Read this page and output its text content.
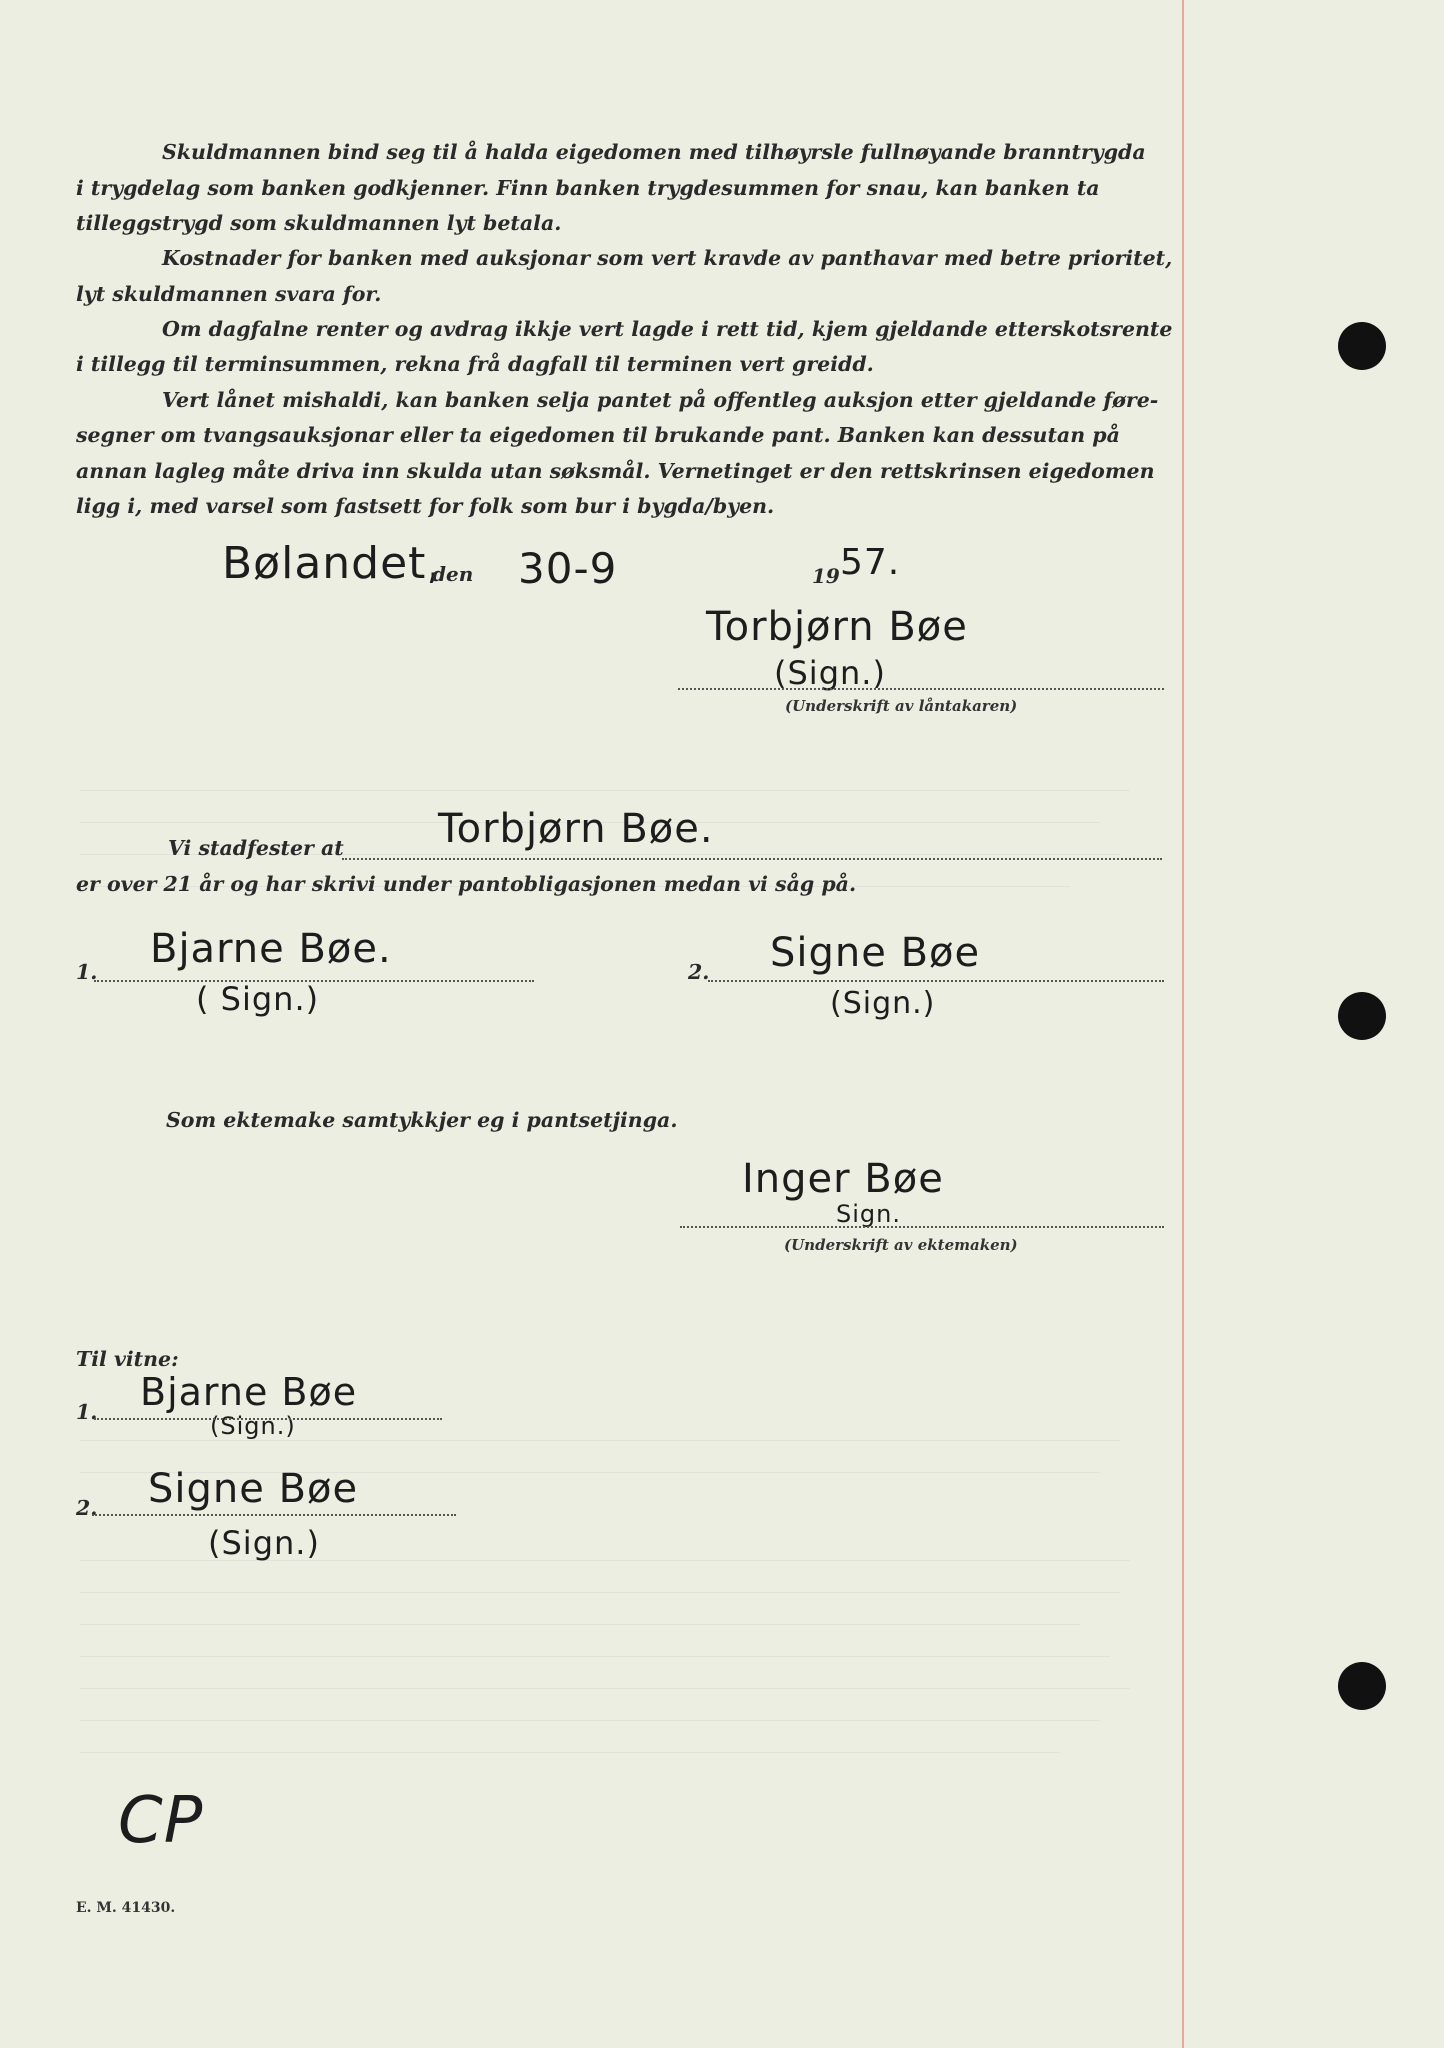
Skuldmannen bind seg til å halda eigedomen med tilhøyrsle fullnøyande branntrygda
i trygdelag som banken godkjenner. Finn banken trygdesummen for snau, kan banken ta
tilleggstrygd som skuldmannen lyt betala.
Kostnader for banken med auksjonar som vert kravde av panthavar med betre prioritet,
lyt skuldmannen svara for.
Om dagfalne renter og avdrag ikkje vert lagde i rett tid, kjem gjeldande etterskotsrente
i tillegg til terminsummen, rekna frå dagfall til terminen vert greidd.
Vert lånet mishaldi, kan banken selja pantet på offentleg auksjon etter gjeldande føre-
segner om tvangsauksjonar eller ta eigedomen til brukande pant. Banken kan dessutan på
annan lagleg måte driva inn skulda utan søksmål. Vernetinget er den rettskrinsen eigedomen
ligg i, med varsel som fastsett for folk som bur i bygda/byen.
Bølandet,
den 30-9	19 57.
Torbjørn Bøe
(Sign.)
(Underskrift av låntakaren)
Vi stadfester at Torbjørn Bøe.
er over 21 år og har skrivi under pantobligasjonen medan vi såg på.
1. Bjarne Bøe.
( Sign.)
2. Signe Bøe
(Sign.)
Som ektemake samtykkjer eg i pantsetjinga.
Inger Bøe
Sign.
(Underskrift av ektemaken)
Til vitne:
1. Bjarne Bøe
(Sign.)
2. Signe Bøe
(Sign.)
CP
E. M. 41430.
